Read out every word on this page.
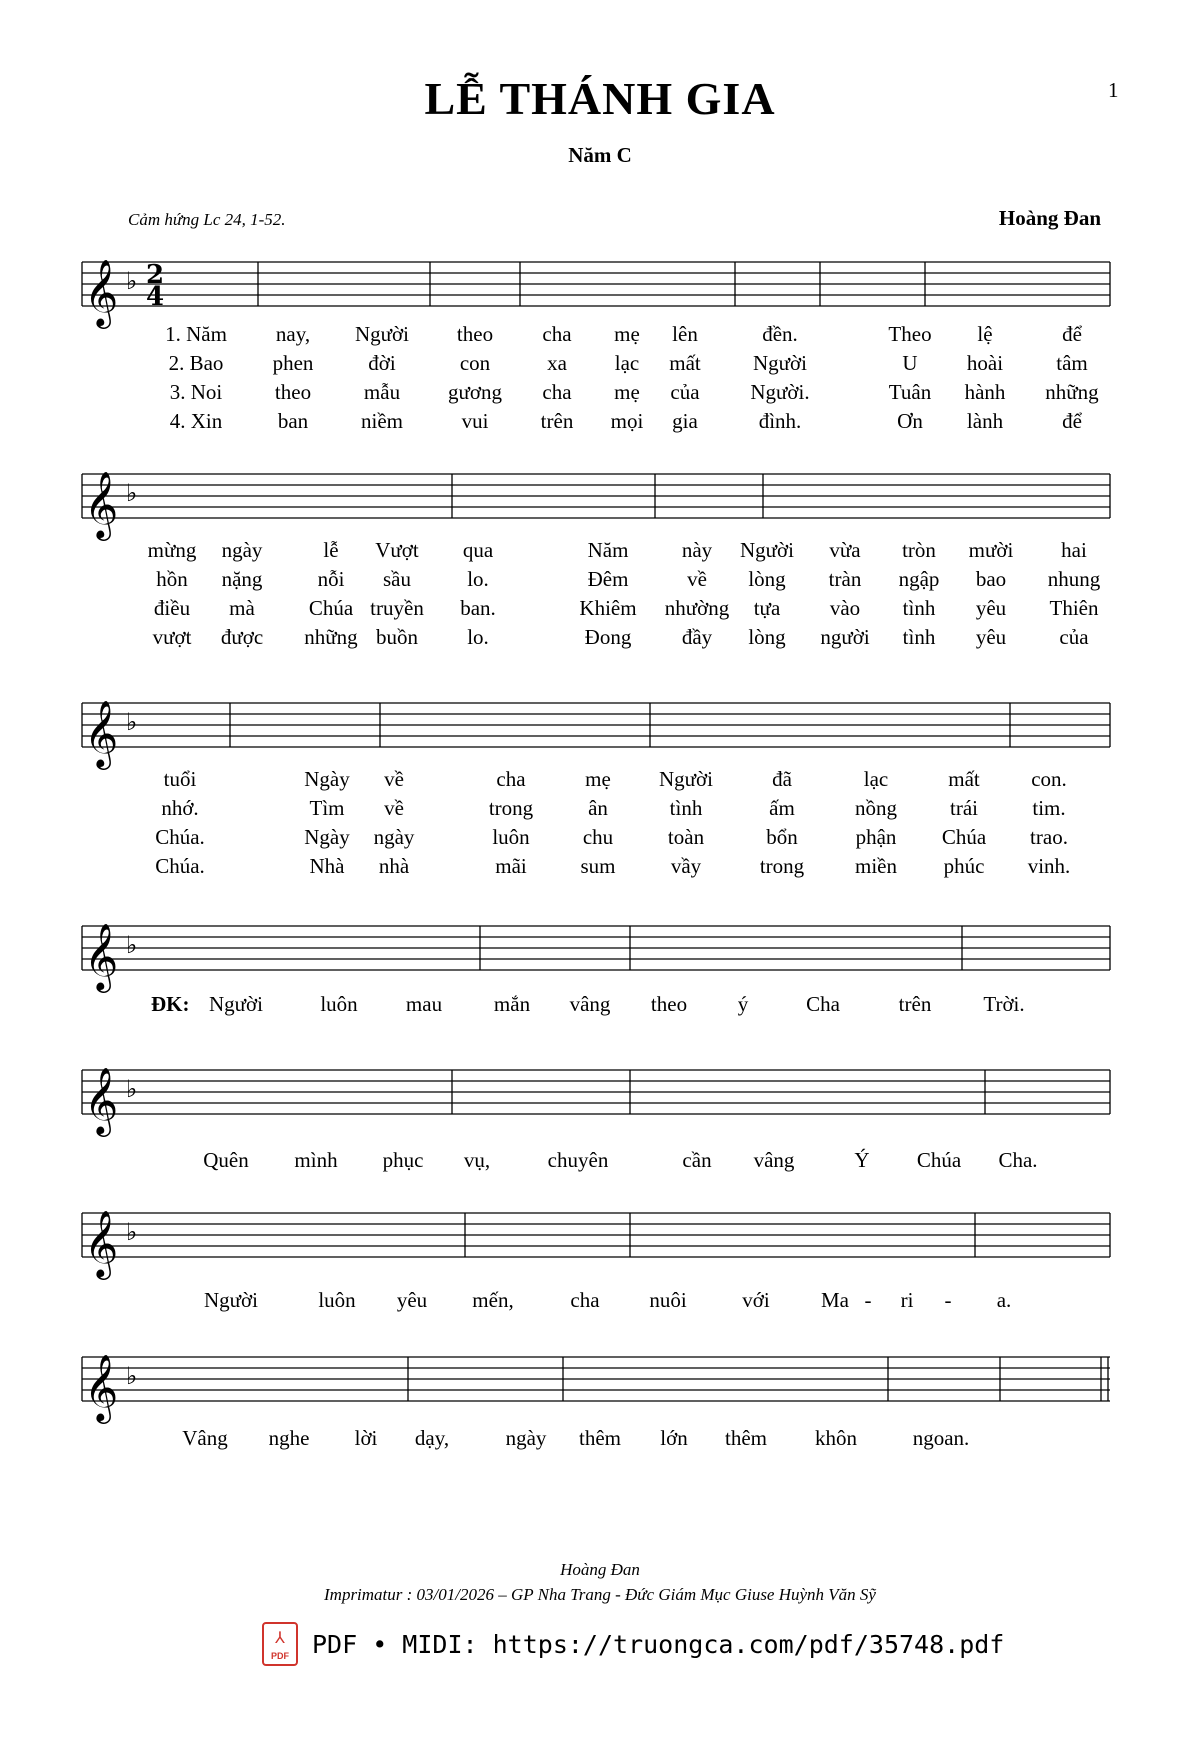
LỄ THÁNH GIA
Năm C
1
Cảm hứng Lc 24, 1-52.	Hoàng Đan
𝄞 ♭ 2
4
1. Năm nay, Người theo cha mẹ lên	đền.	Theo lệ	để
2. Bao phen	đời	con	xa lạc mất Người	U hoài	tâm
3. Noi	theo	mẫu gương cha mẹ của Người.	Tuân hành những
4. Xin	ban	niềm	vui trên mọi gia	đình.	Ơn lành	để
𝄞 ♭
mừng ngày	lễ Vượt qua	Năm	này Người vừa tròn mười hai
hồn nặng	nỗi sầu	lo.	Đêm	về lòng tràn ngập bao nhung
điều mà	Chúa truyền ban.	Khiêm nhường tựa vào tình yêu Thiên
vượt được những buồn lo.	Đong đầy lòng người tình yêu	của
𝄞 ♭
tuổi	Ngày về	cha	mẹ Người	đã	lạc	mất con.
nhớ.	Tìm về	trong	ân	tình	ấm	nồng	trái	tim.
Chúa.	Ngày ngày	luôn	chu	toàn	bổn	phận Chúa trao.
Chúa.	Nhà nhà	mãi	sum	vầy	trong miền phúc vinh.
𝄞 ♭
ĐK: Người	luôn mau mắn vâng theo ý	Cha	trên Trời.
𝄞 ♭
Quên mình phục vụ,	chuyên	cần vâng	Ý Chúa Cha.
𝄞 ♭
Người	luôn yêu mến,	cha nuôi	với Ma - ri - a.
𝄞 ♭
Vâng nghe lời dạy,	ngày thêm lớn thêm khôn	ngoan.
Hoàng Đan
Imprimatur : 03/01/2026 – GP Nha Trang - Đức Giám Mục Giuse Huỳnh Văn Sỹ
⅄
PDF PDF • MIDI: https://truongca.com/pdf/35748.pdf
